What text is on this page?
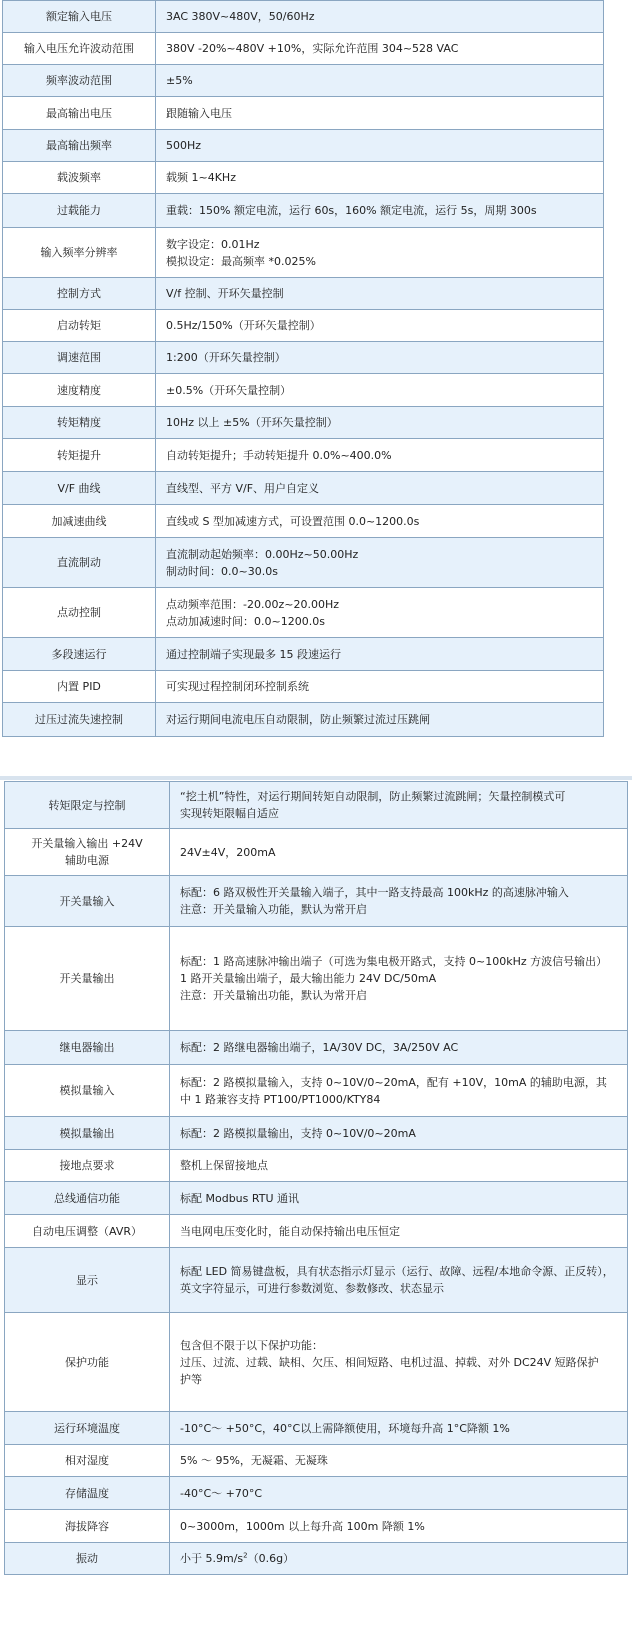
额定输入电压	3AC 380V~480V，50/60Hz

输入电压允许波动范围	380V -20%~480V +10%，实际允许范围 304~528 VAC

频率波动范围	±5%

最高输出电压	跟随输入电压

最高输出频率	500Hz

载波频率	载频 1~4KHz

过载能力	重载：150% 额定电流，运行 60s，160% 额定电流，运行 5s，周期 300s

输入频率分辨率	数字设定：0.01Hz
模拟设定：最高频率 *0.025%

控制方式	V/f 控制、开环矢量控制

启动转矩	0.5Hz/150%（开环矢量控制）

调速范围	1:200（开环矢量控制）

速度精度	±0.5%（开环矢量控制）

转矩精度	10Hz 以上 ±5%（开环矢量控制）

转矩提升	自动转矩提升；手动转矩提升 0.0%~400.0%

V/F 曲线	直线型、平方 V/F、用户自定义

加减速曲线	直线或 S 型加减速方式，可设置范围 0.0~1200.0s

直流制动	直流制动起始频率：0.00Hz~50.00Hz
制动时间：0.0~30.0s

点动控制	点动频率范围：-20.00z~20.00Hz
点动加减速时间：0.0~1200.0s

多段速运行	通过控制端子实现最多 15 段速运行

内置 PID	可实现过程控制闭环控制系统

过压过流失速控制	对运行期间电流电压自动限制，防止频繁过流过压跳闸
转矩限定与控制	“挖土机”特性，对运行期间转矩自动限制，防止频繁过流跳闸；矢量控制模式可
实现转矩限幅自适应

开关量输入输出 +24V
辅助电源	24V±4V，200mA

开关量输入	标配：6 路双极性开关量输入端子，其中一路支持最高 100kHz 的高速脉冲输入
注意：开关量输入功能，默认为常开启

开关量输出	标配：1 路高速脉冲输出端子（可选为集电极开路式，支持 0~100kHz 方波信号输出）
1 路开关量输出端子，最大输出能力 24V DC/50mA
注意：开关量输出功能，默认为常开启

继电器输出	标配：2 路继电器输出端子，1A/30V DC，3A/250V AC

模拟量输入	标配：2 路模拟量输入，支持 0~10V/0~20mA，配有 +10V，10mA 的辅助电源，其
中 1 路兼容支持 PT100/PT1000/KTY84

模拟量输出	标配：2 路模拟量输出，支持 0~10V/0~20mA

接地点要求	整机上保留接地点

总线通信功能	标配 Modbus RTU 通讯

自动电压调整（AVR）	当电网电压变化时，能自动保持输出电压恒定

显示	标配 LED 简易键盘板，具有状态指示灯显示（运行、故障、远程/本地命令源、正反转），
英文字符显示，可进行参数浏览、参数修改、状态显示

保护功能	包含但不限于以下保护功能：
过压、过流、过载、缺相、欠压、相间短路、电机过温、掉载、对外 DC24V 短路保护
护等

运行环境温度	-10°C～ +50°C，40°C以上需降额使用，环境每升高 1°C降额 1%

相对湿度	5% ～ 95%，无凝霜、无凝珠

存储温度	-40°C～ +70°C

海拔降容	0~3000m，1000m 以上每升高 100m 降额 1%

振动	小于 $5.9m/s^2(0.6g)$
